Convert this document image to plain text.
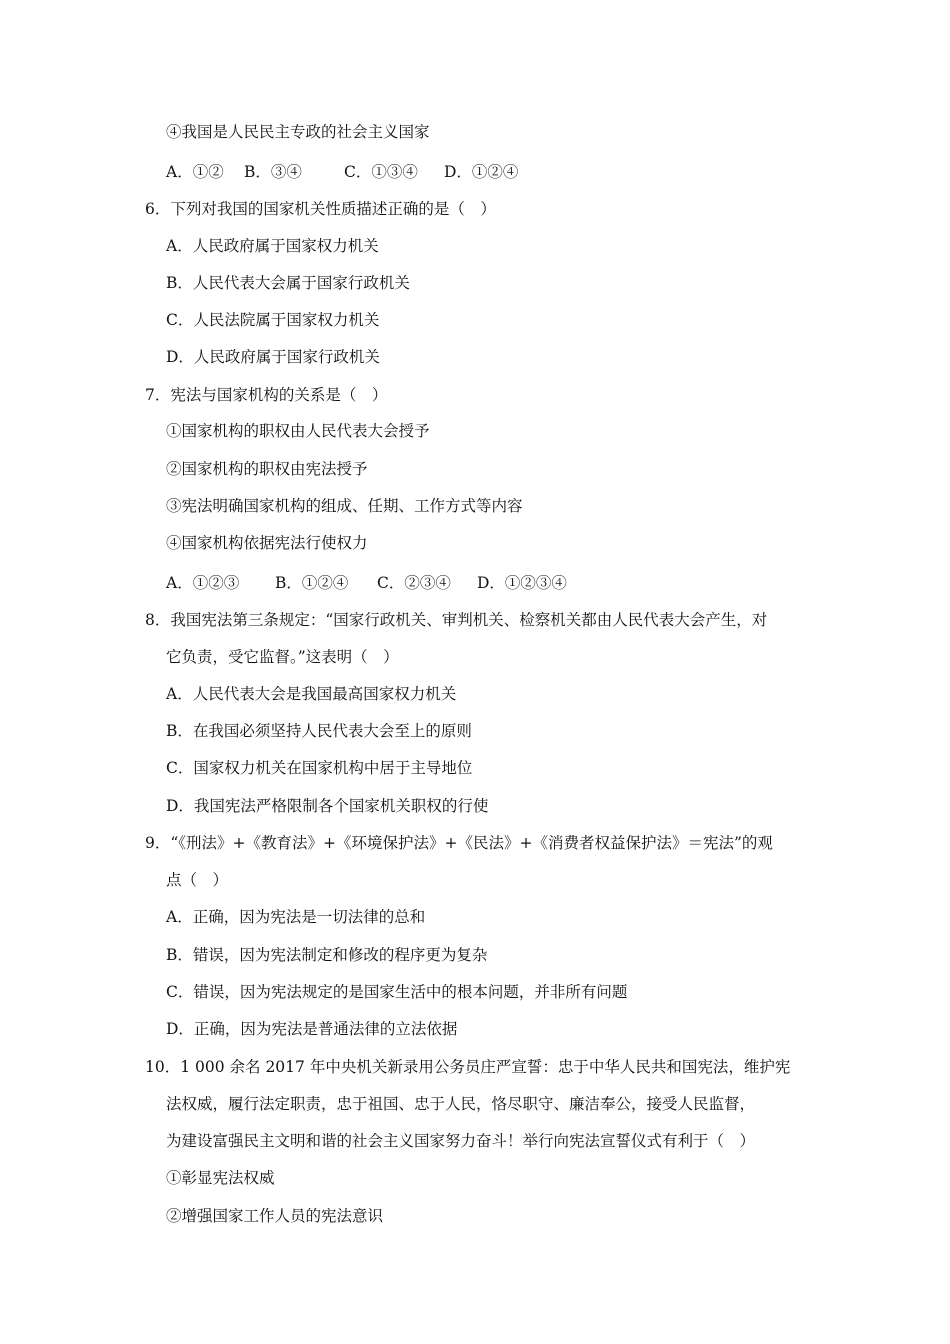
④我国是人民民主专政的社会主义国家
A．①② B．③④	C．①③④ D．①②④
6．下列对我国的国家机关性质描述正确的是（　）
A．人民政府属于国家权力机关
B．人民代表大会属于国家行政机关
C．人民法院属于国家权力机关
D．人民政府属于国家行政机关
7．宪法与国家机构的关系是（　）
①国家机构的职权由人民代表大会授予
②国家机构的职权由宪法授予
③宪法明确国家机构的组成、任期、工作方式等内容
④国家机构依据宪法行使权力
A．①②③ B．①②④ C．②③④ D．①②③④
8．我国宪法第三条规定：“国家行政机关、审判机关、检察机关都由人民代表大会产生，对
它负责，受它监督。”这表明（　）
A．人民代表大会是我国最高国家权力机关
B．在我国必须坚持人民代表大会至上的原则
C．国家权力机关在国家机构中居于主导地位
D．我国宪法严格限制各个国家机关职权的行使
9．“《刑法》+《教育法》+《环境保护法》+《民法》+《消费者权益保护法》＝宪法”的观
点（　）
A．正确，因为宪法是一切法律的总和
B．错误，因为宪法制定和修改的程序更为复杂
C．错误，因为宪法规定的是国家生活中的根本问题，并非所有问题
D．正确，因为宪法是普通法律的立法依据
10．1 000 余名 2017 年中央机关新录用公务员庄严宣誓：忠于中华人民共和国宪法，维护宪
法权威，履行法定职责，忠于祖国、忠于人民，恪尽职守、廉洁奉公，接受人民监督，
为建设富强民主文明和谐的社会主义国家努力奋斗！举行向宪法宣誓仪式有利于（　）
①彰显宪法权威
②增强国家工作人员的宪法意识
